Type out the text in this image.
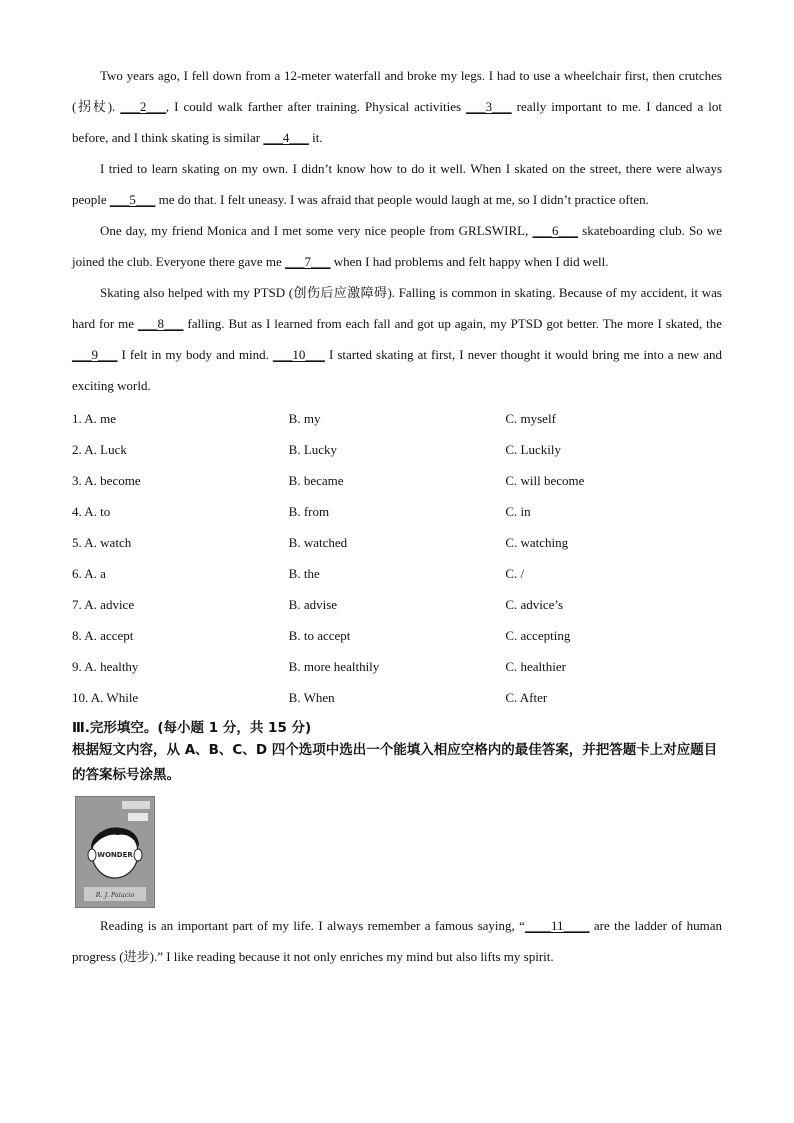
Two years ago, I fell down from a 12-meter waterfall and broke my legs. I had to use a wheelchair first, then crutches (拐杖). ___2___, I could walk farther after training. Physical activities ___3___ really important to me. I danced a lot before, and I think skating is similar ___4___ it.

I tried to learn skating on my own. I didn’t know how to do it well. When I skated on the street, there were always people ___5___ me do that. I felt uneasy. I was afraid that people would laugh at me, so I didn’t practice often.

One day, my friend Monica and I met some very nice people from GRLSWIRL, ___6___ skateboarding club. So we joined the club. Everyone there gave me ___7___ when I had problems and felt happy when I did well.

Skating also helped with my PTSD (创伤后应激障碍). Falling is common in skating. Because of my accident, it was hard for me ___8___ falling. But as I learned from each fall and got up again, my PTSD got better. The more I skated, the ___9___ I felt in my body and mind. ___10___ I started skating at first, I never thought it would bring me into a new and exciting world.

1. A. me	B. my	C. myself
2. A. Luck	B. Lucky	C. Luckily
3. A. become	B. became	C. will become
4. A. to	B. from	C. in
5. A. watch	B. watched	C. watching
6. A. a	B. the	C. /
7. A. advice	B. advise	C. advice’s
8. A. accept	B. to accept	C. accepting
9. A. healthy	B. more healthily	C. healthier
10. A. While	B. When	C. After
Ⅲ.完形填空。(每小题 1 分，共 15 分)

根据短文内容，从 A、B、C、D 四个选项中选出一个能填入相应空格内的最佳答案，并把答题卡上对应题目的答案标号涂黑。

WONDER
R. J. Palacio

Reading is an important part of my life. I always remember a famous saying, “____11____ are the ladder of human progress (进步).” I like reading because it not only enriches my mind but also lifts my spirit.
